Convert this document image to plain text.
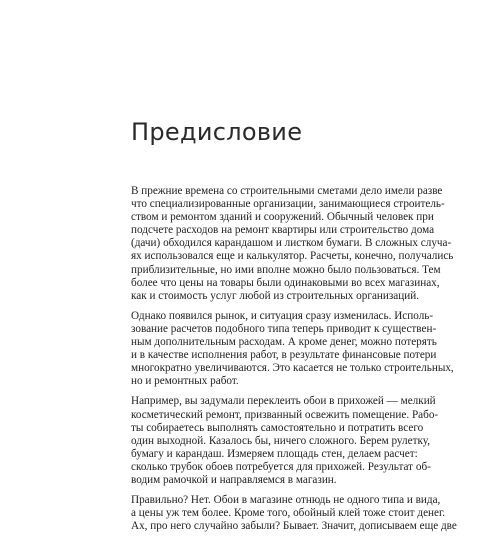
Предисловие

В прежние времена со строительными сметами дело имели разве
что специализированные организации, занимающиеся строитель-
ством и ремонтом зданий и сооружений. Обычный человек при
подсчете расходов на ремонт квартиры или строительство дома
(дачи) обходился карандашом и листком бумаги. В сложных случа-
ях использовался еще и калькулятор. Расчеты, конечно, получались
приблизительные, но ими вполне можно было пользоваться. Тем
более что цены на товары были одинаковыми во всех магазинах,
как и стоимость услуг любой из строительных организаций.

Однако появился рынок, и ситуация сразу изменилась. Исполь-
зование расчетов подобного типа теперь приводит к существен-
ным дополнительным расходам. А кроме денег, можно потерять
и в качестве исполнения работ, в результате финансовые потери
многократно увеличиваются. Это касается не только строительных,
но и ремонтных работ.

Например, вы задумали переклеить обои в прихожей — мелкий
косметический ремонт, призванный освежить помещение. Рабо-
ты собираетесь выполнять самостоятельно и потратить всего
один выходной. Казалось бы, ничего сложного. Берем рулетку,
бумагу и карандаш. Измеряем площадь стен, делаем расчет:
сколько трубок обоев потребуется для прихожей. Результат об-
водим рамочкой и направляемся в магазин.

Правильно? Нет. Обои в магазине отнюдь не одного типа и вида,
а цены уж тем более. Кроме того, обойный клей тоже стоит денег.
Ах, про него случайно забыли? Бывает. Значит, дописываем еще две
